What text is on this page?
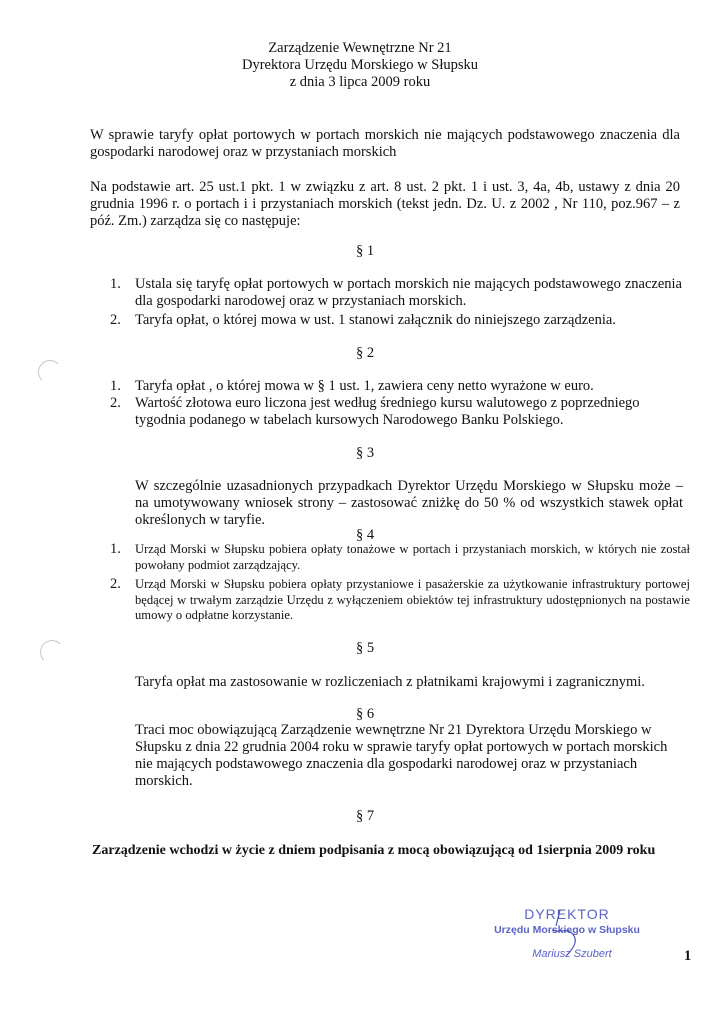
Zarządzenie Wewnętrzne Nr 21
Dyrektora Urzędu Morskiego w Słupsku
z dnia 3 lipca 2009 roku
W sprawie taryfy opłat portowych w portach morskich nie mających podstawowego znaczenia dla gospodarki narodowej oraz w przystaniach morskich
Na podstawie art. 25 ust.1 pkt. 1 w związku z art. 8 ust. 2 pkt. 1 i ust. 3, 4a, 4b, ustawy z dnia 20 grudnia 1996 r. o portach i i przystaniach morskich (tekst jedn. Dz. U. z 2002 , Nr 110, poz.967 – z póź. Zm.) zarządza się co następuje:
§ 1
1. Ustala się taryfę opłat portowych w portach morskich nie mających podstawowego znaczenia dla gospodarki narodowej oraz w przystaniach morskich.
2. Taryfa opłat, o której mowa w ust. 1 stanowi załącznik do niniejszego zarządzenia.
§ 2
1. Taryfa opłat , o której mowa w § 1 ust. 1, zawiera ceny netto wyrażone w euro.
2. Wartość złotowa euro liczona jest według średniego kursu walutowego z poprzedniego tygodnia podanego w tabelach kursowych Narodowego Banku Polskiego.
§ 3
W szczególnie uzasadnionych przypadkach Dyrektor Urzędu Morskiego w Słupsku może – na umotywowany wniosek strony – zastosować zniżkę do 50 % od wszystkich stawek opłat określonych w taryfie.
§ 4
1. Urząd Morski w Słupsku pobiera opłaty tonażowe w portach i przystaniach morskich, w których nie został powołany podmiot zarządzający.
2. Urząd Morski w Słupsku pobiera opłaty przystaniowe i pasażerskie za użytkowanie infrastruktury portowej będącej w trwałym zarządzie Urzędu z wyłączeniem obiektów tej infrastruktury udostępnionych na postawie umowy o odpłatne korzystanie.
§ 5
Taryfa opłat ma zastosowanie w rozliczeniach z płatnikami krajowymi i zagranicznymi.
§ 6
Traci moc obowiązującą Zarządzenie wewnętrzne Nr 21 Dyrektora Urzędu Morskiego w Słupsku z dnia 22 grudnia 2004 roku w sprawie taryfy opłat portowych w portach morskich nie mających podstawowego znaczenia dla gospodarki narodowej oraz w przystaniach morskich.
§ 7
Zarządzenie wchodzi w życie z dniem podpisania z mocą obowiązującą od 1sierpnia 2009 roku
DYREKTOR
Urzędu Morskiego w Słupsku
Mariusz Szubert	1
